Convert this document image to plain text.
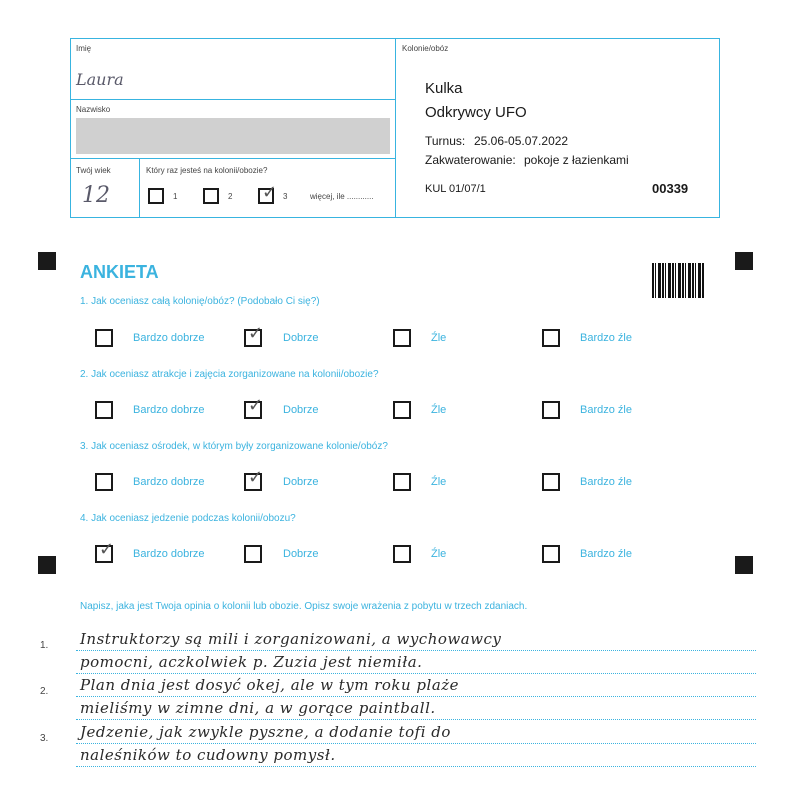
Imię
Laura
Nazwisko
Twój wiek
12
Który raz jesteś na kolonii/obozie?
1	2 ✓ 3	więcej, ile ............
Kolonie/obóz
Kulka
Odkrywcy UFO
Turnus: 25.06-05.07.2022
Zakwaterowanie: pokoje z łazienkami
KUL 01/07/1	00339
ANKIETA
1. Jak oceniasz całą kolonię/obóz? (Podobało Ci się?)
Bardzo dobrze ✓ Dobrze	Źle	Bardzo źle
2. Jak oceniasz atrakcje i zajęcia zorganizowane na kolonii/obozie?
Bardzo dobrze ✓ Dobrze	Źle	Bardzo źle
3. Jak oceniasz ośrodek, w którym były zorganizowane kolonie/obóz?
Bardzo dobrze ✓ Dobrze	Źle	Bardzo źle
4. Jak oceniasz jedzenie podczas kolonii/obozu?
✓ Bardzo dobrze	Dobrze	Źle	Bardzo źle
Napisz, jaka jest Twoja opinia o kolonii lub obozie. Opisz swoje wrażenia z pobytu w trzech zdaniach.
1.
2.
3.
Instruktorzy są mili i zorganizowani, a wychowawcy
pomocni, aczkolwiek p. Zuzia jest niemiła.
Plan dnia jest dosyć okej, ale w tym roku plaże
mieliśmy w zimne dni, a w gorące paintball.
Jedzenie, jak zwykle pyszne, a dodanie tofi do
naleśników to cudowny pomysł.
